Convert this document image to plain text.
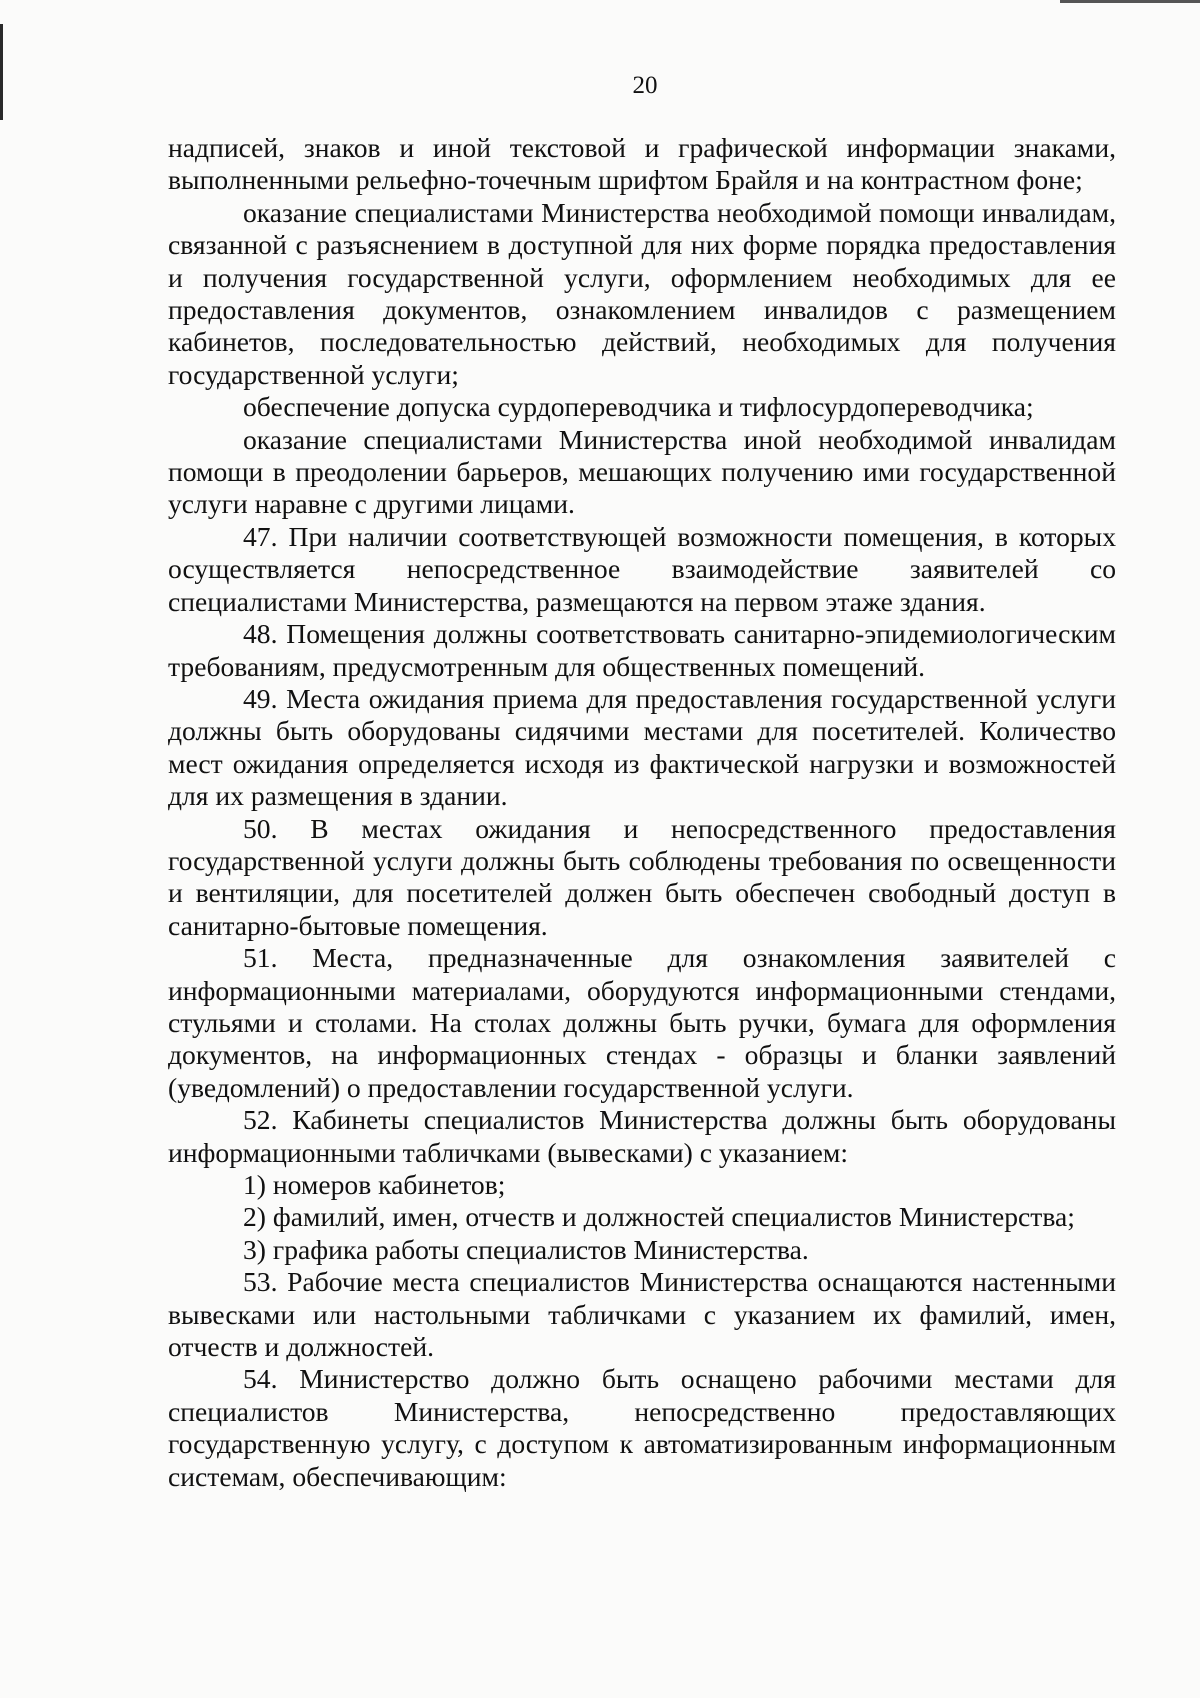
20

надписей, знаков и иной текстовой и графической информации знаками, выполненными рельефно-точечным шрифтом Брайля и на контрастном фоне;

оказание специалистами Министерства необходимой помощи инвалидам, связанной с разъяснением в доступной для них форме порядка предоставления и получения государственной услуги, оформлением необходимых для ее предоставления документов, ознакомлением инвалидов с размещением кабинетов, последовательностью действий, необходимых для получения государственной услуги;

обеспечение допуска сурдопереводчика и тифлосурдопереводчика;

оказание специалистами Министерства иной необходимой инвалидам помощи в преодолении барьеров, мешающих получению ими государственной услуги наравне с другими лицами.

47. При наличии соответствующей возможности помещения, в которых осуществляется непосредственное взаимодействие заявителей со специалистами Министерства, размещаются на первом этаже здания.

48. Помещения должны соответствовать санитарно-эпидемиологическим требованиям, предусмотренным для общественных помещений.

49. Места ожидания приема для предоставления государственной услуги должны быть оборудованы сидячими местами для посетителей. Количество мест ожидания определяется исходя из фактической нагрузки и возможностей для их размещения в здании.

50. В местах ожидания и непосредственного предоставления государственной услуги должны быть соблюдены требования по освещенности и вентиляции, для посетителей должен быть обеспечен свободный доступ в санитарно-бытовые помещения.

51. Места, предназначенные для ознакомления заявителей с информационными материалами, оборудуются информационными стендами, стульями и столами. На столах должны быть ручки, бумага для оформления документов, на информационных стендах - образцы и бланки заявлений (уведомлений) о предоставлении государственной услуги.

52. Кабинеты специалистов Министерства должны быть оборудованы информационными табличками (вывесками) с указанием:

1) номеров кабинетов;

2) фамилий, имен, отчеств и должностей специалистов Министерства;

3) графика работы специалистов Министерства.

53. Рабочие места специалистов Министерства оснащаются настенными вывесками или настольными табличками с указанием их фамилий, имен, отчеств и должностей.

54. Министерство должно быть оснащено рабочими местами для специалистов Министерства, непосредственно предоставляющих государственную услугу, с доступом к автоматизированным информационным системам, обеспечивающим:
